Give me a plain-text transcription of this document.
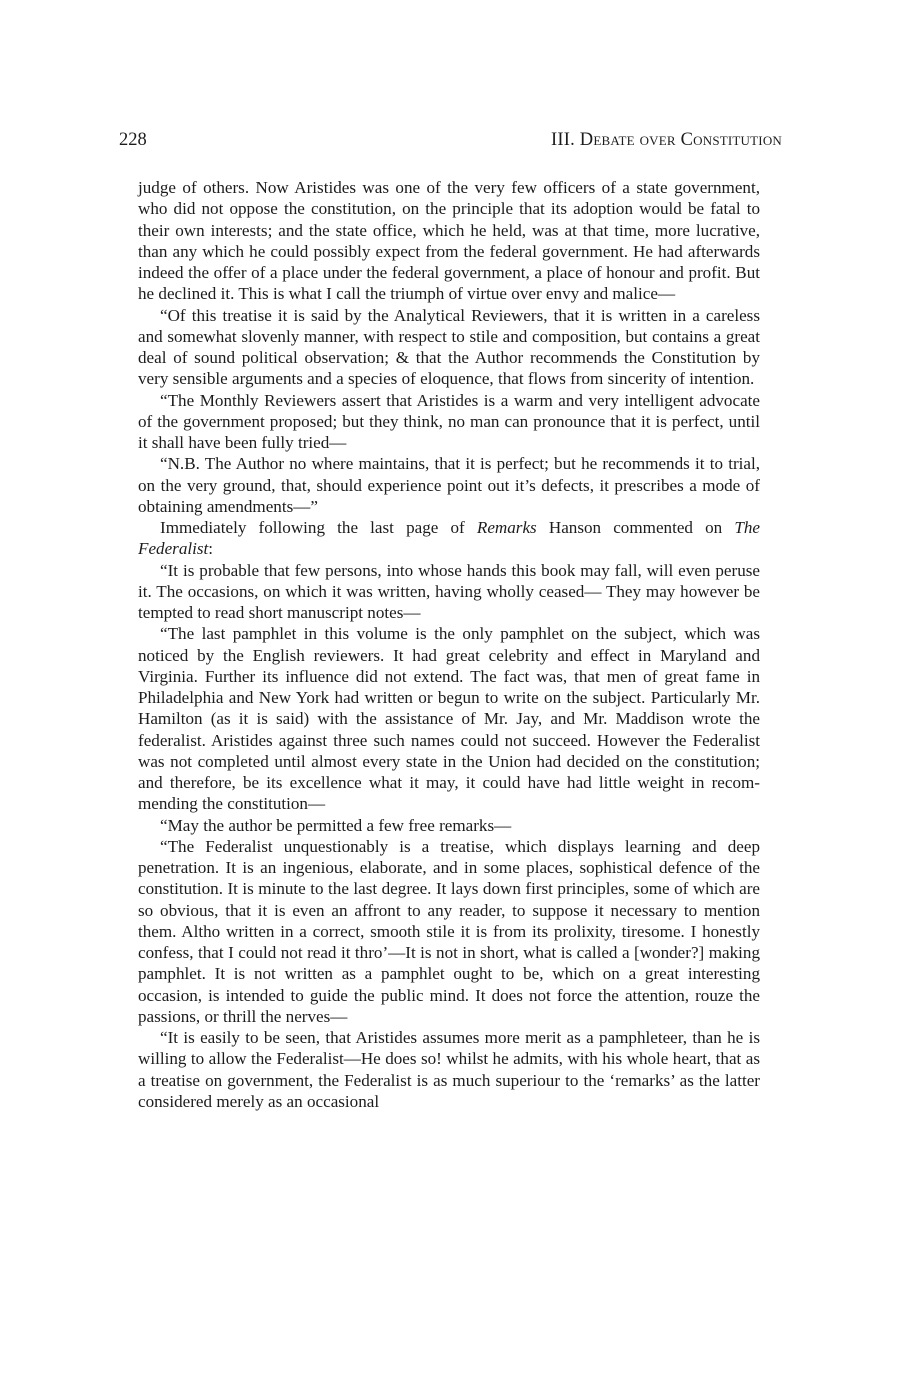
228	III. Debate over Constitution

judge of others. Now Aristides was one of the very few officers of a state government, who did not oppose the constitution, on the principle that its adoption would be fatal to their own interests; and the state office, which he held, was at that time, more lucrative, than any which he could possibly expect from the federal government. He had afterwards indeed the offer of a place under the federal government, a place of honour and profit. But he declined it. This is what I call the triumph of virtue over envy and malice—

“Of this treatise it is said by the Analytical Reviewers, that it is written in a careless and somewhat slovenly manner, with respect to stile and composition, but contains a great deal of sound political observation; & that the Author recommends the Constitution by very sensible arguments and a species of eloquence, that flows from sincerity of intention.

“The Monthly Reviewers assert that Aristides is a warm and very intelligent advocate of the government proposed; but they think, no man can pronounce that it is perfect, until it shall have been fully tried—

“N.B. The Author no where maintains, that it is perfect; but he recommends it to trial, on the very ground, that, should experience point out it’s defects, it prescribes a mode of obtaining amendments—”

Immediately following the last page of Remarks Hanson commented on The Federalist:

“It is probable that few persons, into whose hands this book may fall, will even peruse it. The occasions, on which it was written, having wholly ceased— They may however be tempted to read short manuscript notes—

“The last pamphlet in this volume is the only pamphlet on the subject, which was noticed by the English reviewers. It had great celebrity and effect in Maryland and Virginia. Further its influence did not extend. The fact was, that men of great fame in Philadelphia and New York had written or begun to write on the subject. Particularly Mr. Hamilton (as it is said) with the assistance of Mr. Jay, and Mr. Maddison wrote the federalist. Aristides against three such names could not succeed. However the Federalist was not completed until almost every state in the Union had decided on the constitution; and therefore, be its excellence what it may, it could have had little weight in recommending the constitution—

“May the author be permitted a few free remarks—

“The Federalist unquestionably is a treatise, which displays learning and deep penetration. It is an ingenious, elaborate, and in some places, sophistical defence of the constitution. It is minute to the last degree. It lays down first principles, some of which are so obvious, that it is even an affront to any reader, to suppose it necessary to mention them. Altho written in a correct, smooth stile it is from its prolixity, tiresome. I honestly confess, that I could not read it thro’—It is not in short, what is called a [wonder?] making pamphlet. It is not written as a pamphlet ought to be, which on a great interesting occasion, is intended to guide the public mind. It does not force the attention, rouze the passions, or thrill the nerves—

“It is easily to be seen, that Aristides assumes more merit as a pamphleteer, than he is willing to allow the Federalist—He does so! whilst he admits, with his whole heart, that as a treatise on government, the Federalist is as much superiour to the ‘remarks’ as the latter considered merely as an occasional
